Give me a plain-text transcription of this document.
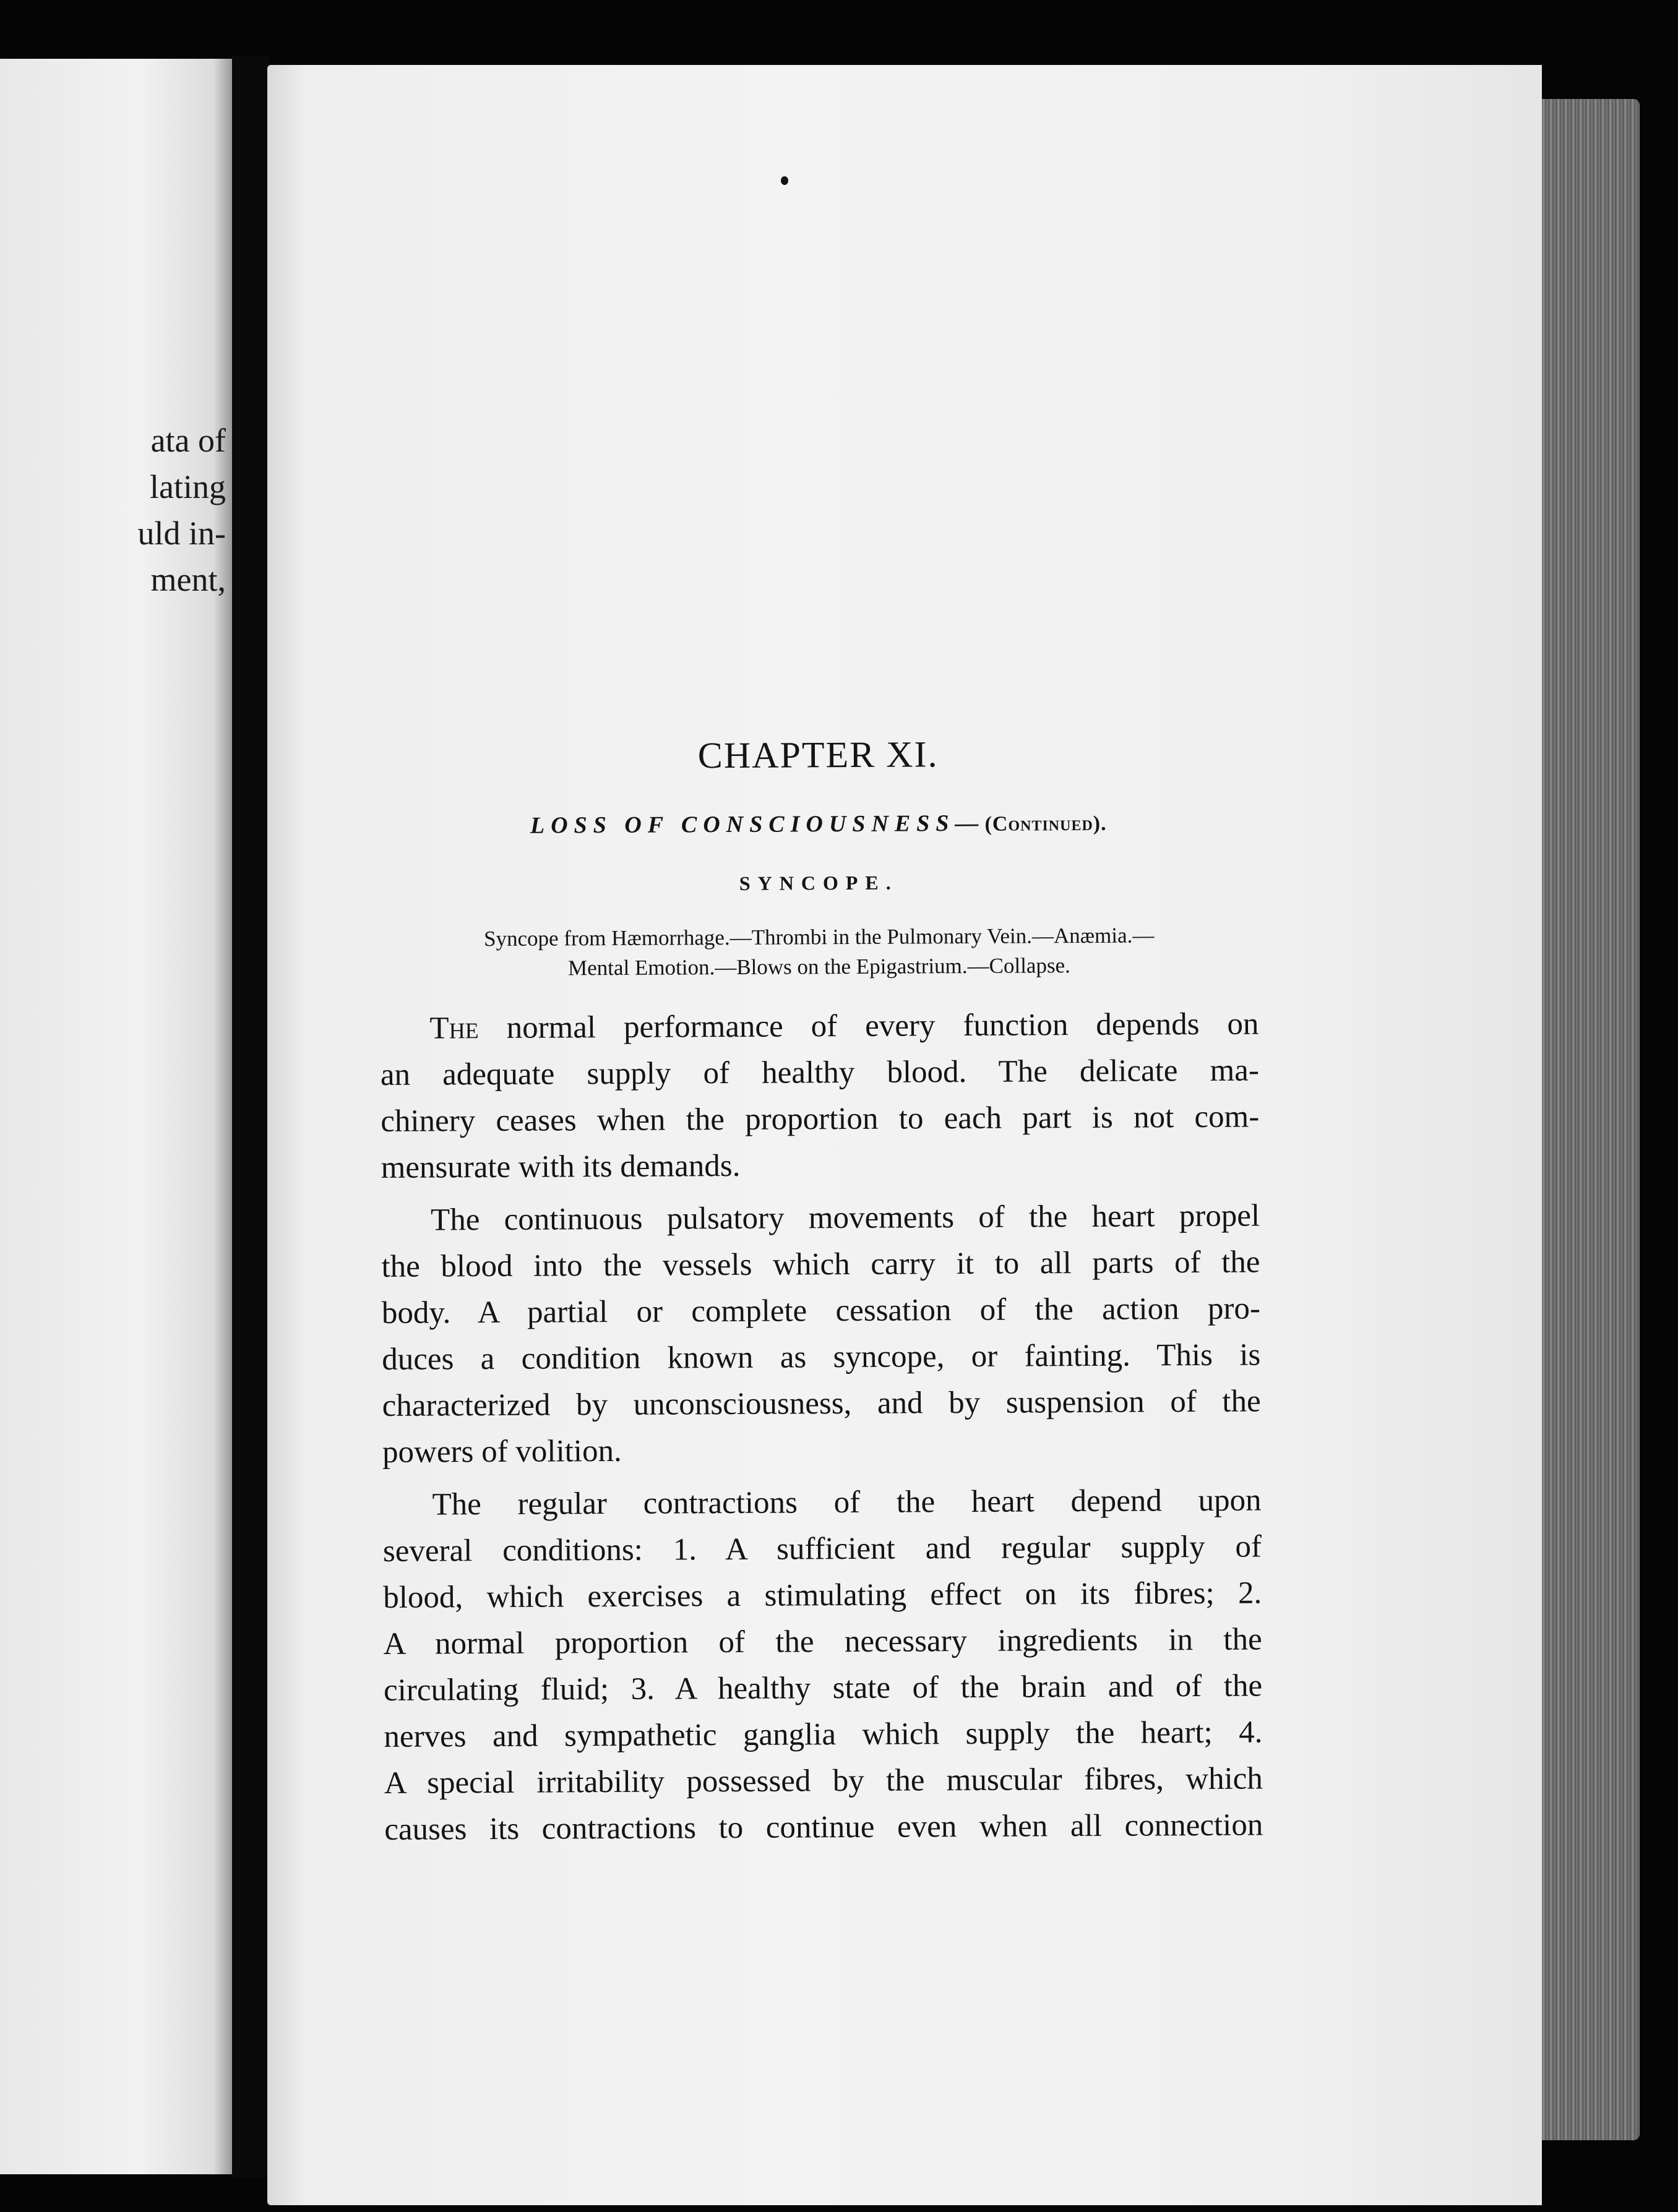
ata of
lating
uld in-
ment,
CHAPTER XI.
LOSS OF CONSCIOUSNESS—(Continued).
SYNCOPE.
Syncope from Hæmorrhage.—Thrombi in the Pulmonary Vein.—Anæmia.—
Mental Emotion.—Blows on the Epigastrium.—Collapse.
The normal performance of every function depends on
an adequate supply of healthy blood. The delicate ma-
chinery ceases when the proportion to each part is not com-
mensurate with its demands.
The continuous pulsatory movements of the heart propel
the blood into the vessels which carry it to all parts of the
body. A partial or complete cessation of the action pro-
duces a condition known as syncope, or fainting. This is
characterized by unconsciousness, and by suspension of the
powers of volition.
The regular contractions of the heart depend upon
several conditions: 1. A sufficient and regular supply of
blood, which exercises a stimulating effect on its fibres; 2.
A normal proportion of the necessary ingredients in the
circulating fluid; 3. A healthy state of the brain and of the
nerves and sympathetic ganglia which supply the heart; 4.
A special irritability possessed by the muscular fibres, which
causes its contractions to continue even when all connection
